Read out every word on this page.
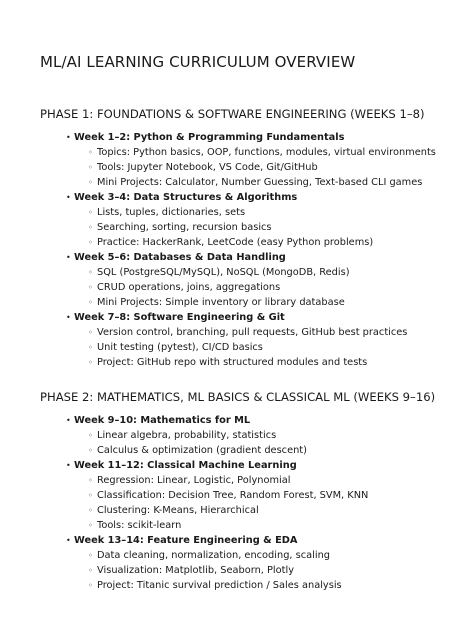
ML/AI LEARNING CURRICULUM OVERVIEW
PHASE 1: FOUNDATIONS & SOFTWARE ENGINEERING (WEEKS 1–8)
• Week 1–2: Python & Programming Fundamentals
◦ Topics: Python basics, OOP, functions, modules, virtual environments
◦ Tools: Jupyter Notebook, VS Code, Git/GitHub
◦ Mini Projects: Calculator, Number Guessing, Text-based CLI games
• Week 3–4: Data Structures & Algorithms
◦ Lists, tuples, dictionaries, sets
◦ Searching, sorting, recursion basics
◦ Practice: HackerRank, LeetCode (easy Python problems)
• Week 5–6: Databases & Data Handling
◦ SQL (PostgreSQL/MySQL), NoSQL (MongoDB, Redis)
◦ CRUD operations, joins, aggregations
◦ Mini Projects: Simple inventory or library database
• Week 7–8: Software Engineering & Git
◦ Version control, branching, pull requests, GitHub best practices
◦ Unit testing (pytest), CI/CD basics
◦ Project: GitHub repo with structured modules and tests
PHASE 2: MATHEMATICS, ML BASICS & CLASSICAL ML (WEEKS 9–16)
• Week 9–10: Mathematics for ML
◦ Linear algebra, probability, statistics
◦ Calculus & optimization (gradient descent)
• Week 11–12: Classical Machine Learning
◦ Regression: Linear, Logistic, Polynomial
◦ Classification: Decision Tree, Random Forest, SVM, KNN
◦ Clustering: K-Means, Hierarchical
◦ Tools: scikit-learn
• Week 13–14: Feature Engineering & EDA
◦ Data cleaning, normalization, encoding, scaling
◦ Visualization: Matplotlib, Seaborn, Plotly
◦ Project: Titanic survival prediction / Sales analysis
